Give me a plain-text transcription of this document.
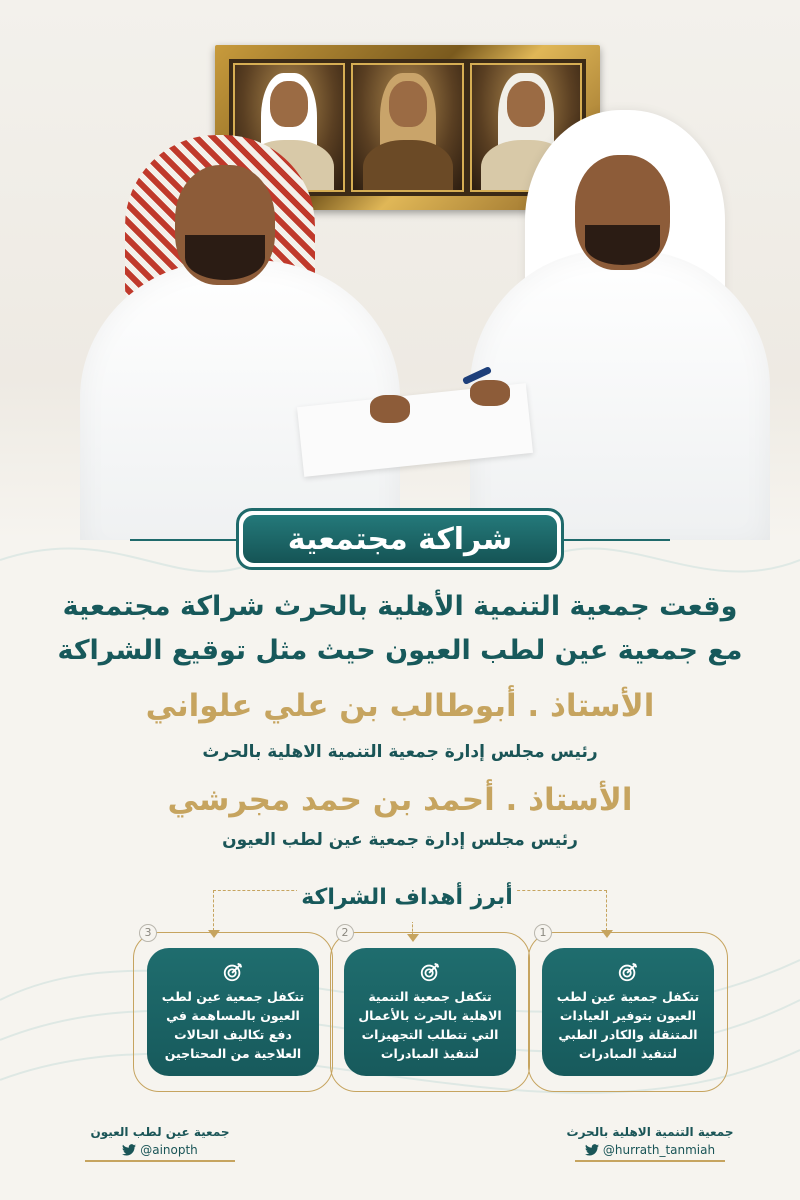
شراكة مجتمعية
وقعت جمعية التنمية الأهلية بالحرث شراكة مجتمعية
مع جمعية عين لطب العيون حيث مثل توقيع الشراكة
الأستاذ . أبوطالب بن علي علواني
رئيس مجلس إدارة جمعية التنمية الاهلية بالحرث
الأستاذ . أحمد بن حمد مجرشي
رئيس مجلس إدارة جمعية عين لطب العيون
أبرز أهداف الشراكة
1
تتكفل جمعية عين لطب العيون بتوفير العيادات المتنقلة والكادر الطبي لتنفيذ المبادرات
2
تتكفل جمعية التنمية الاهلية بالحرث بالأعمال التي تتطلب التجهيزات لتنفيذ المبادرات
3
تتكفل جمعية عين لطب العيون بالمساهمة في دفع تكاليف الحالات العلاجية من المحتاجين
جمعية التنمية الاهلية بالحرث
@hurrath_tanmiah
جمعية عين لطب العيون
@ainopth
